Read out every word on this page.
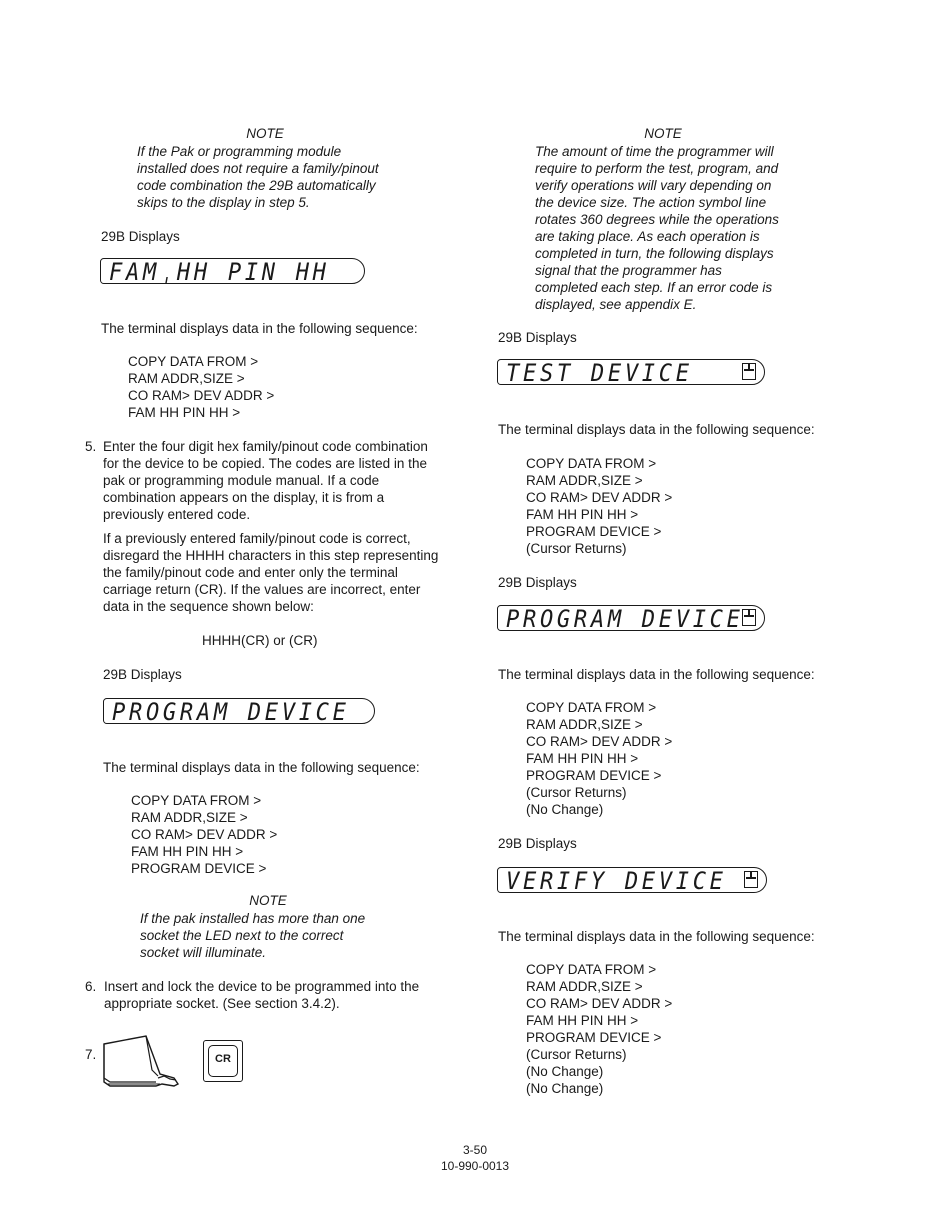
NOTE
If the Pak or programming module
installed does not require a family/pinout
code combination the 29B automatically
skips to the display in step 5.
29B Displays
FAMˌHH PIN HH
The terminal displays data in the following sequence:
COPY DATA FROM >
RAM ADDR,SIZE >
CO RAM> DEV ADDR >
FAM HH PIN HH >
5. Enter the four digit hex family/pinout code combination
for the device to be copied. The codes are listed in the
pak or programming module manual. If a code
combination appears on the display, it is from a
previously entered code.
If a previously entered family/pinout code is correct,
disregard the HHHH characters in this step representing
the family/pinout code and enter only the terminal
carriage return (CR). If the values are incorrect, enter
data in the sequence shown below:
HHHH(CR) or (CR)
29B Displays
PROGRAM DEVICE
The terminal displays data in the following sequence:
COPY DATA FROM >
RAM ADDR,SIZE >
CO RAM> DEV ADDR >
FAM HH PIN HH >
PROGRAM DEVICE >
NOTE
If the pak installed has more than one
socket the LED next to the correct
socket will illuminate.
6. Insert and lock the device to be programmed into the
appropriate socket. (See section 3.4.2).
7.	CR
NOTE
The amount of time the programmer will
require to perform the test, program, and
verify operations will vary depending on
the device size. The action symbol line
rotates 360 degrees while the operations
are taking place. As each operation is
completed in turn, the following displays
signal that the programmer has
completed each step. If an error code is
displayed, see appendix E.
29B Displays
TEST DEVICE
The terminal displays data in the following sequence:
COPY DATA FROM >
RAM ADDR,SIZE >
CO RAM> DEV ADDR >
FAM HH PIN HH >
PROGRAM DEVICE >
(Cursor Returns)
29B Displays
PROGRAM DEVICE
The terminal displays data in the following sequence:
COPY DATA FROM >
RAM ADDR,SIZE >
CO RAM> DEV ADDR >
FAM HH PIN HH >
PROGRAM DEVICE >
(Cursor Returns)
(No Change)
29B Displays
VERIFY DEVICE
The terminal displays data in the following sequence:
COPY DATA FROM >
RAM ADDR,SIZE >
CO RAM> DEV ADDR >
FAM HH PIN HH >
PROGRAM DEVICE >
(Cursor Returns)
(No Change)
(No Change)
3-50
10-990-0013
